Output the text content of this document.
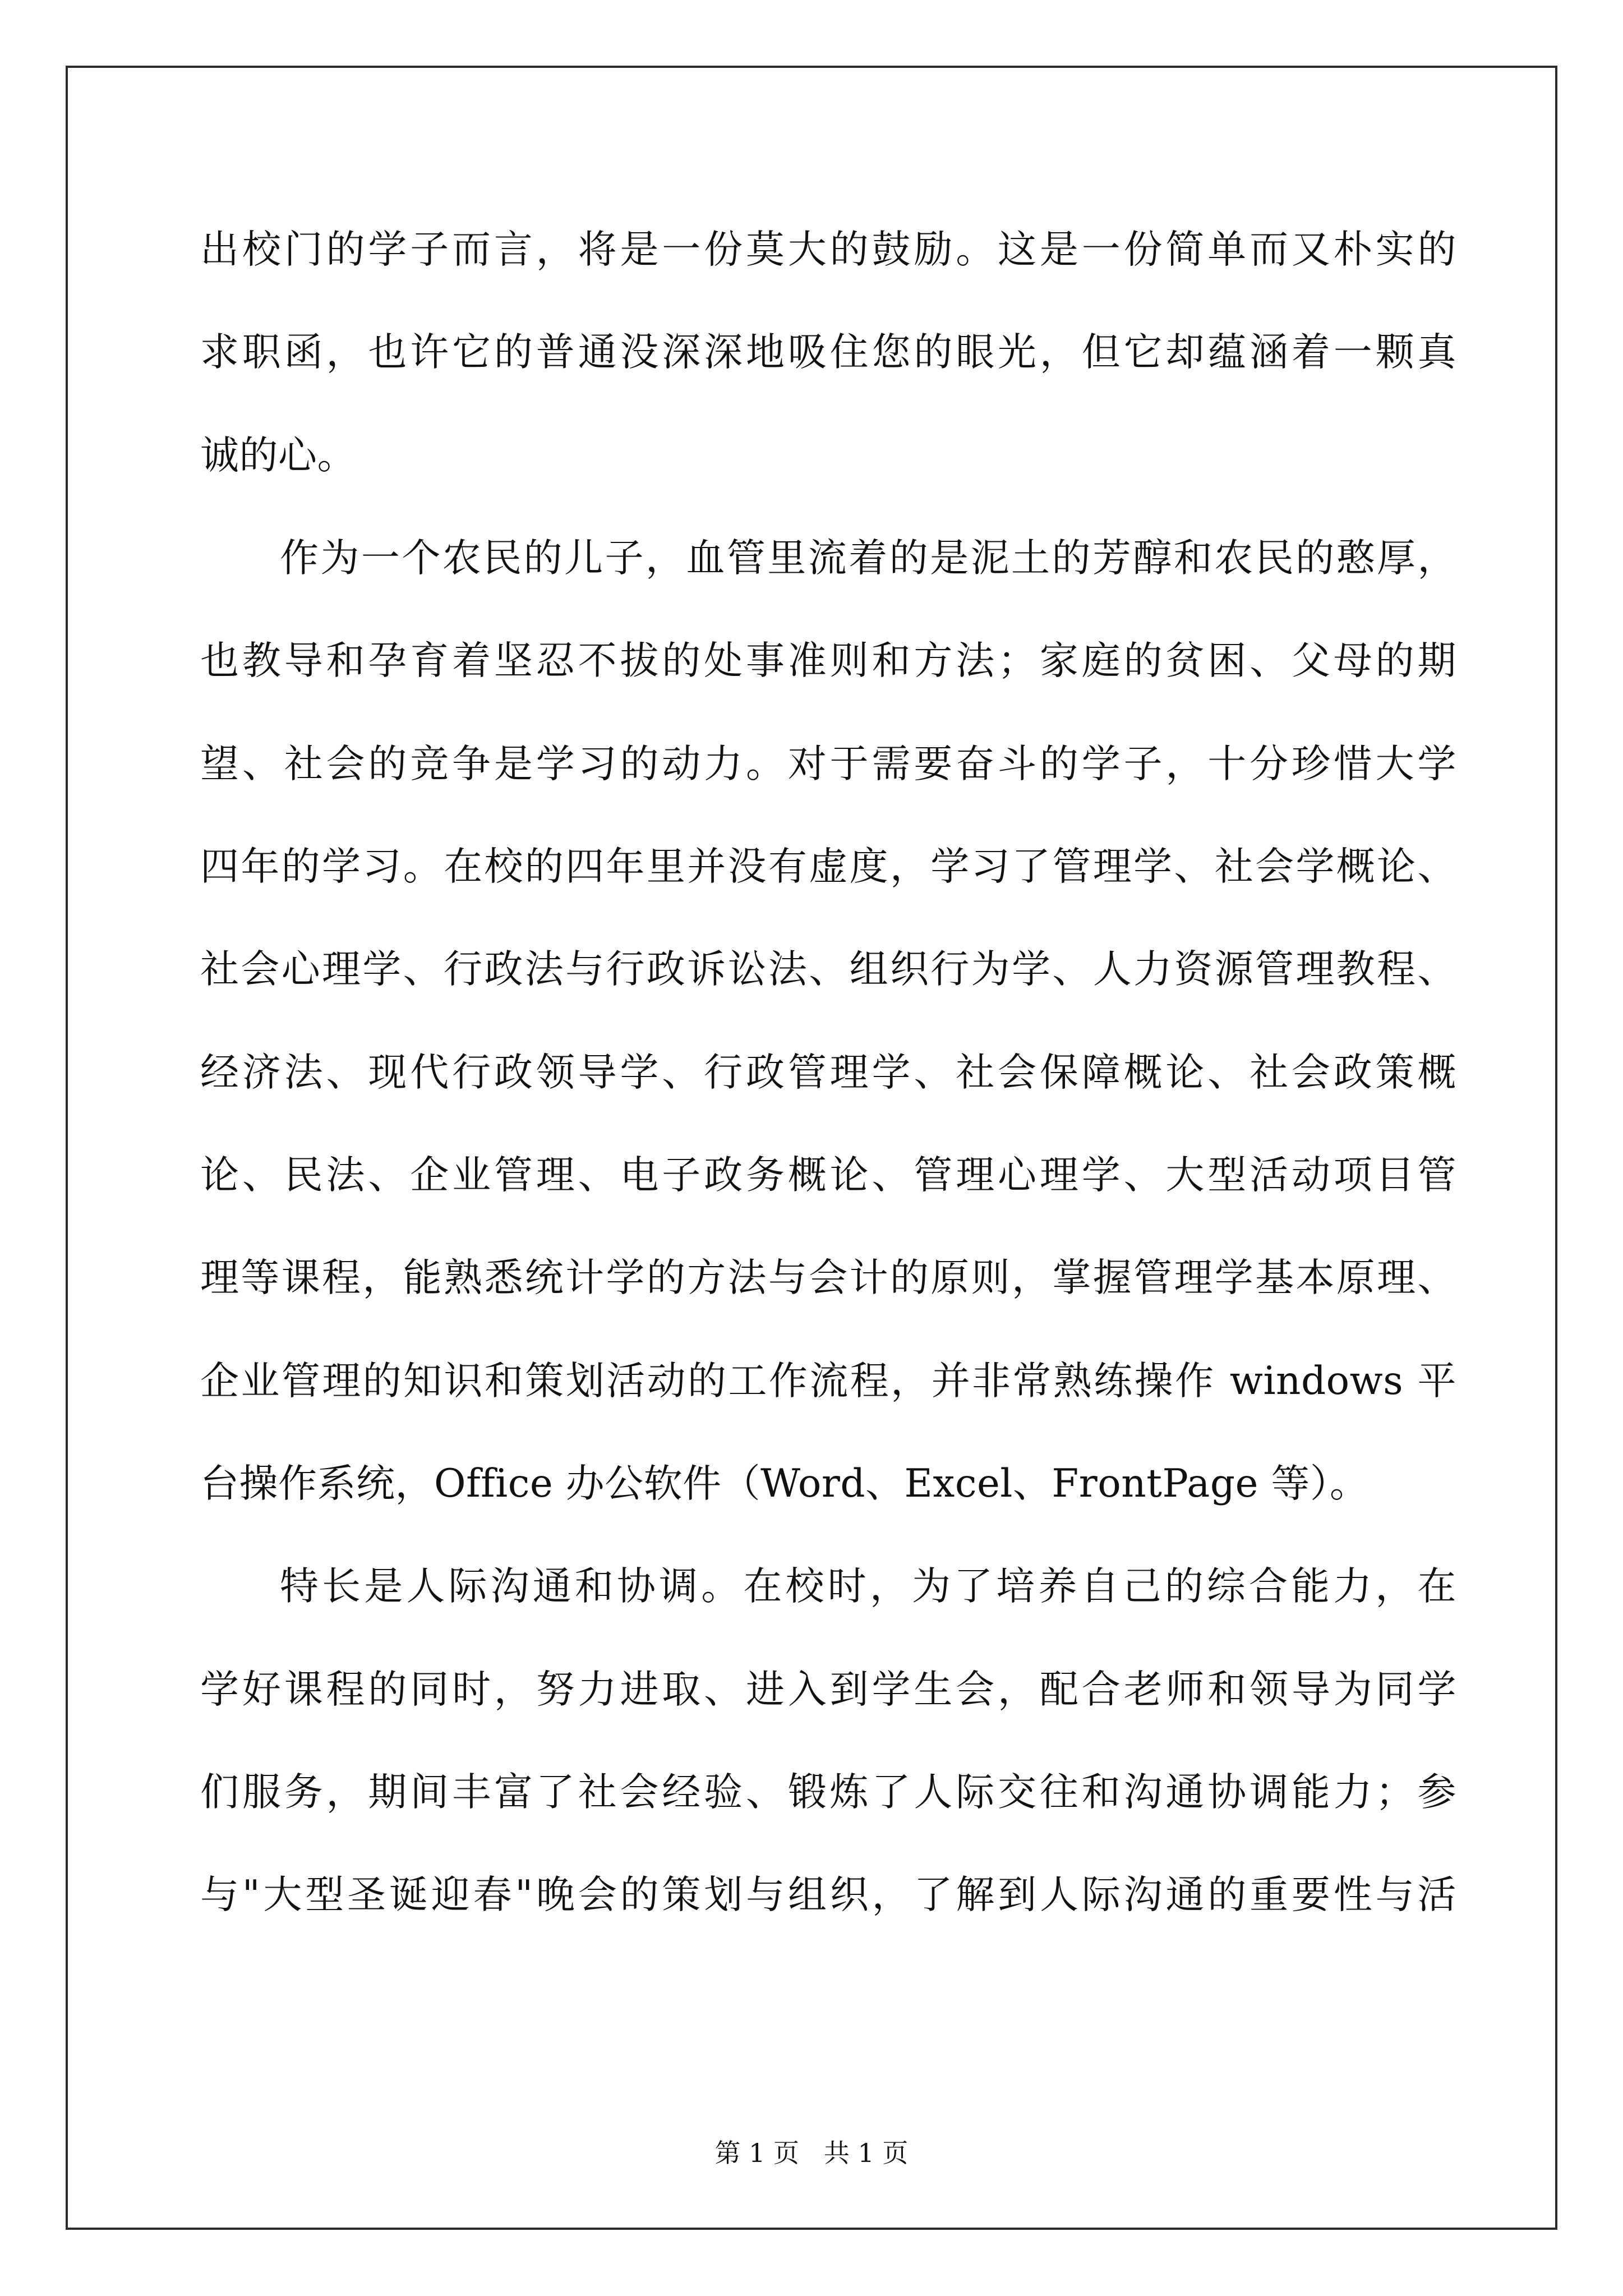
出校门的学子而言，将是一份莫大的鼓励。这是一份简单而又朴实的
求职函，也许它的普通没深深地吸住您的眼光，但它却蕴涵着一颗真
诚的心。
作为一个农民的儿子，血管里流着的是泥土的芳醇和农民的憨厚，
也教导和孕育着坚忍不拔的处事准则和方法；家庭的贫困、父母的期
望、社会的竞争是学习的动力。对于需要奋斗的学子，十分珍惜大学
四年的学习。在校的四年里并没有虚度，学习了管理学、社会学概论、
社会心理学、行政法与行政诉讼法、组织行为学、人力资源管理教程、
经济法、现代行政领导学、行政管理学、社会保障概论、社会政策概
论、民法、企业管理、电子政务概论、管理心理学、大型活动项目管
理等课程，能熟悉统计学的方法与会计的原则，掌握管理学基本原理、
企业管理的知识和策划活动的工作流程，并非常熟练操作 windows 平
台操作系统，Office 办公软件（Word、Excel、FrontPage 等）。
特长是人际沟通和协调。在校时，为了培养自己的综合能力，在
学好课程的同时，努力进取、进入到学生会，配合老师和领导为同学
们服务，期间丰富了社会经验、锻炼了人际交往和沟通协调能力；参
与"大型圣诞迎春"晚会的策划与组织，了解到人际沟通的重要性与活
第 1 页   共 1 页
